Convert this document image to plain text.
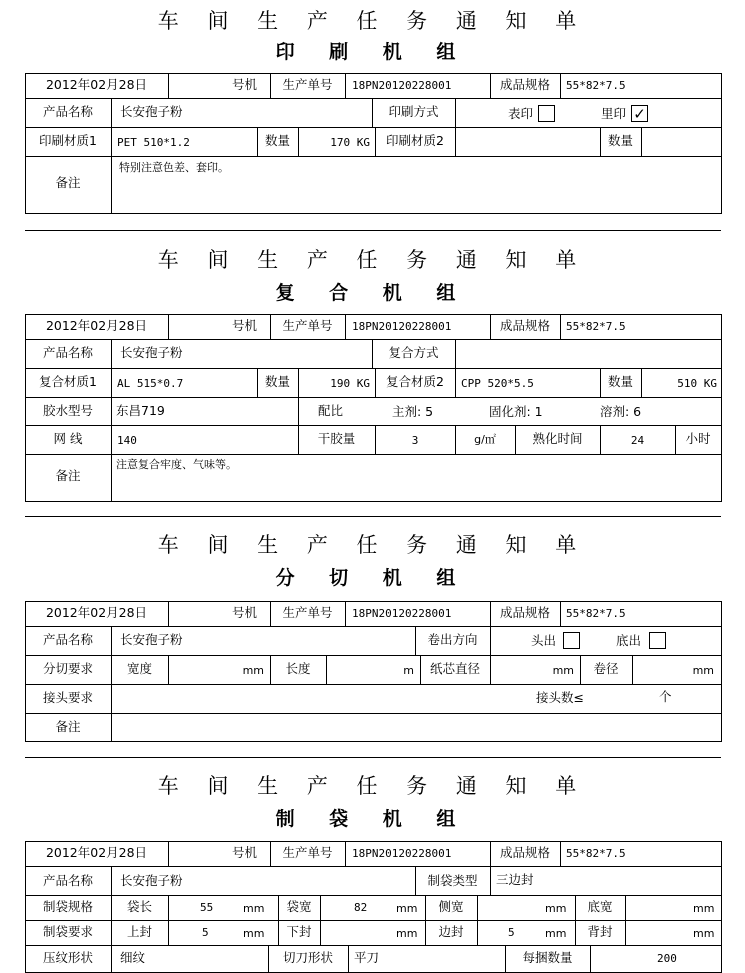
车 间 生 产 任 务 通 知 单
印 刷 机 组
2012年02月28日	号机	生产单号	18PN20120228001	成品规格	55*82*7.5
产品名称	长安孢子粉	印刷方式	表印	里印 ✓
印刷材质1	PET 510*1.2	数量	170 KG	印刷材质2	数量
备注
特别注意色差、套印。
车 间 生 产 任 务 通 知 单
复 合 机 组
2012年02月28日	号机	生产单号	18PN20120228001	成品规格	55*82*7.5
产品名称	长安孢子粉	复合方式
复合材质1	AL 515*0.7	数量	190 KG	复合材质2	CPP 520*5.5	数量	510 KG
胶水型号	东昌719	配比	主剂: 5	固化剂: 1	溶剂: 6
网 线	140	干胶量	3	g/㎡	熟化时间	24	小时
备注
注意复合牢度、气味等。
车 间 生 产 任 务 通 知 单
分 切 机 组
2012年02月28日	号机	生产单号	18PN20120228001	成品规格	55*82*7.5
产品名称	长安孢子粉	卷出方向	头出	底出
分切要求	宽度	mm	长度	m	纸芯直径	mm	卷径	mm
接头要求	接头数≤	个
备注
车 间 生 产 任 务 通 知 单
制 袋 机 组
2012年02月28日	号机	生产单号	18PN20120228001	成品规格	55*82*7.5
产品名称	长安孢子粉	制袋类型	三边封
制袋规格	袋长	55	mm	袋宽	82	mm	侧宽	mm	底宽	mm
制袋要求	上封	5	mm	下封	mm	边封	5	mm	背封	mm
压纹形状	细纹	切刀形状	平刀	每捆数量	200
